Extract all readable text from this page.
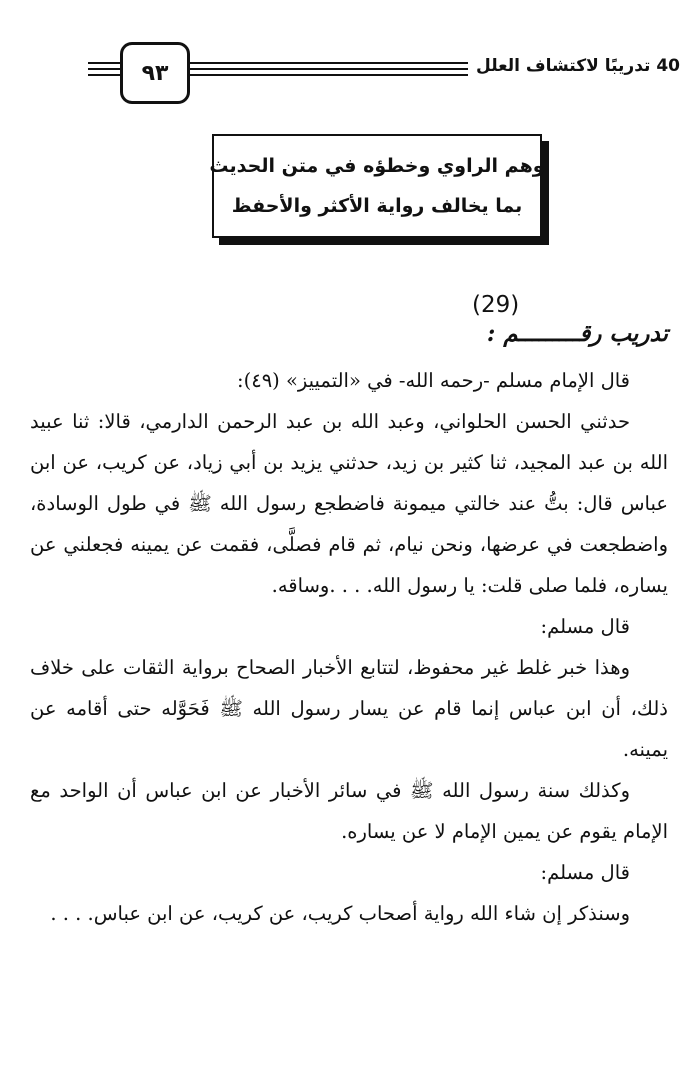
٩٣	40 تدريبًا لاكتشاف العلل
وهم الراوي وخطؤه في متن الحديث
بما يخالف رواية الأكثر والأحفظ
(29)
تدريب رقـــــــــم :

قال الإمام مسلم -رحمه الله- في «التمييز» (٤٩):

حدثني الحسن الحلواني، وعبد الله بن عبد الرحمن الدارمي، قالا: ثنا عبيد الله بن عبد المجيد، ثنا كثير بن زيد، حدثني يزيد بن أبي زياد، عن كريب، عن ابن عباس قال: بتُّ عند خالتي ميمونة فاضطجع رسول الله ﷺ في طول الوسادة، واضطجعت في عرضها، ونحن نيام، ثم قام فصلَّى، فقمت عن يمينه فجعلني عن يساره، فلما صلى قلت: يا رسول الله. . . .وساقه.

قال مسلم:

وهذا خبر غلط غير محفوظ، لتتابع الأخبار الصحاح برواية الثقات على خلاف ذلك، أن ابن عباس إنما قام عن يسار رسول الله ﷺ فَحَوَّله حتى أقامه عن يمينه.

وكذلك سنة رسول الله ﷺ في سائر الأخبار عن ابن عباس أن الواحد مع الإمام يقوم عن يمين الإمام لا عن يساره.

قال مسلم:

وسنذكر إن شاء الله رواية أصحاب كريب، عن كريب، عن ابن عباس. . . .
